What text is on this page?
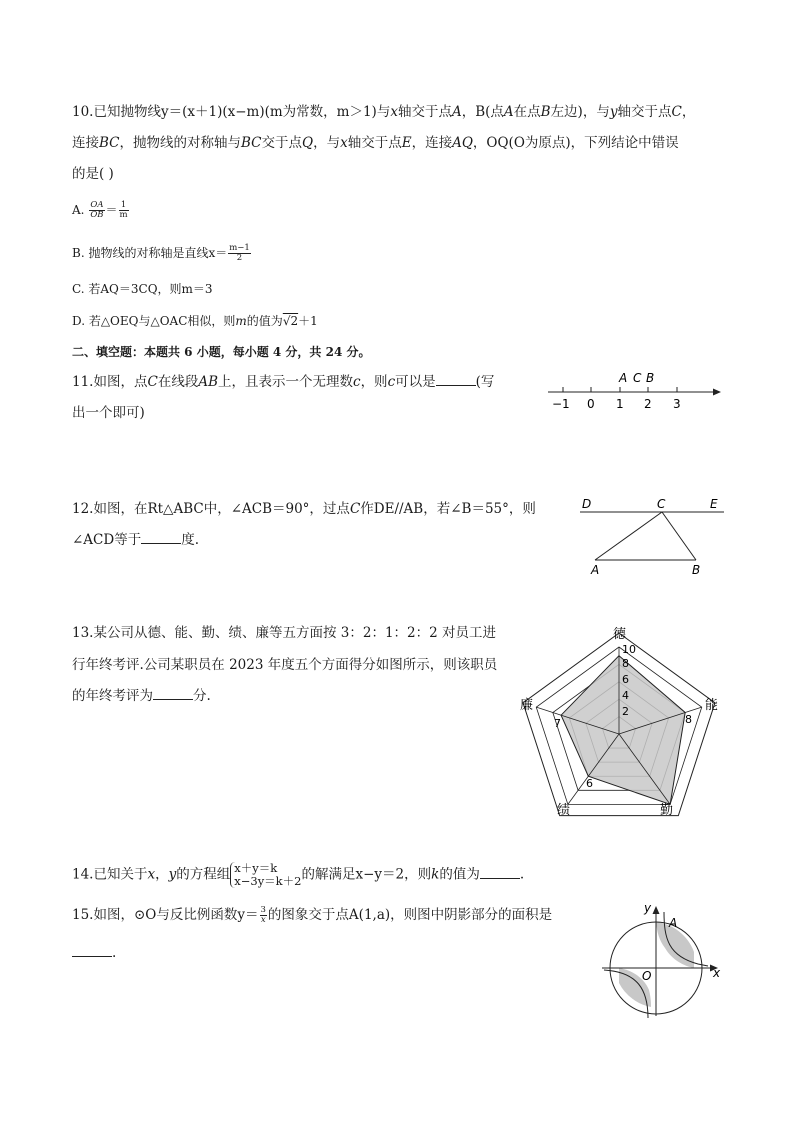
10.已知抛物线y＝(x＋1)(x−m)(m为常数，m＞1)与x轴交于点A，B(点A在点B左边)，与y轴交于点C，
连接BC，抛物线的对称轴与BC交于点Q，与x轴交于点E，连接AQ，OQ(O为原点)，下列结论中错误
的是( )
A. $\frac{OA}{OB} = \frac{1}{m}$
B. 抛物线的对称轴是直线$x= \frac{m-1}{2}$
C. 若AQ＝3CQ，则m＝3
D. 若△OEQ与△OAC相似，则m的值为√2＋1
二、填空题：本题共 6 小题，每小题 4 分，共 24 分。
11.如图，点C在线段AB上，且表示一个无理数c，则c可以是	(写
出一个即可)
−1 0 1 2 3
A C B
12.如图，在Rt△ABC中，∠ACB＝90°，过点C作DE//AB，若∠B＝55°，则
∠ACD等于	度.
D	C	E
A	B
13.某公司从德、能、勤、绩、廉等五方面按 3：2：1：2：2 对员工进
行年终考评.公司某职员在 2023 年度五个方面得分如图所示，则该职员
的年终考评为	分.
德
能
勤
绩
廉
10
8
6
4
2
8
6
7
14.已知关于x，y的方程组 x＋y＝k
x−3y＝k＋2 的解满足x−y＝2，则k的值为	.
15.如图，⊙O与反比例函数$y= \frac{3}{x}$ 的图象交于点A(1,a)，则图中阴影部分的面积是
.
y
A
O	x
